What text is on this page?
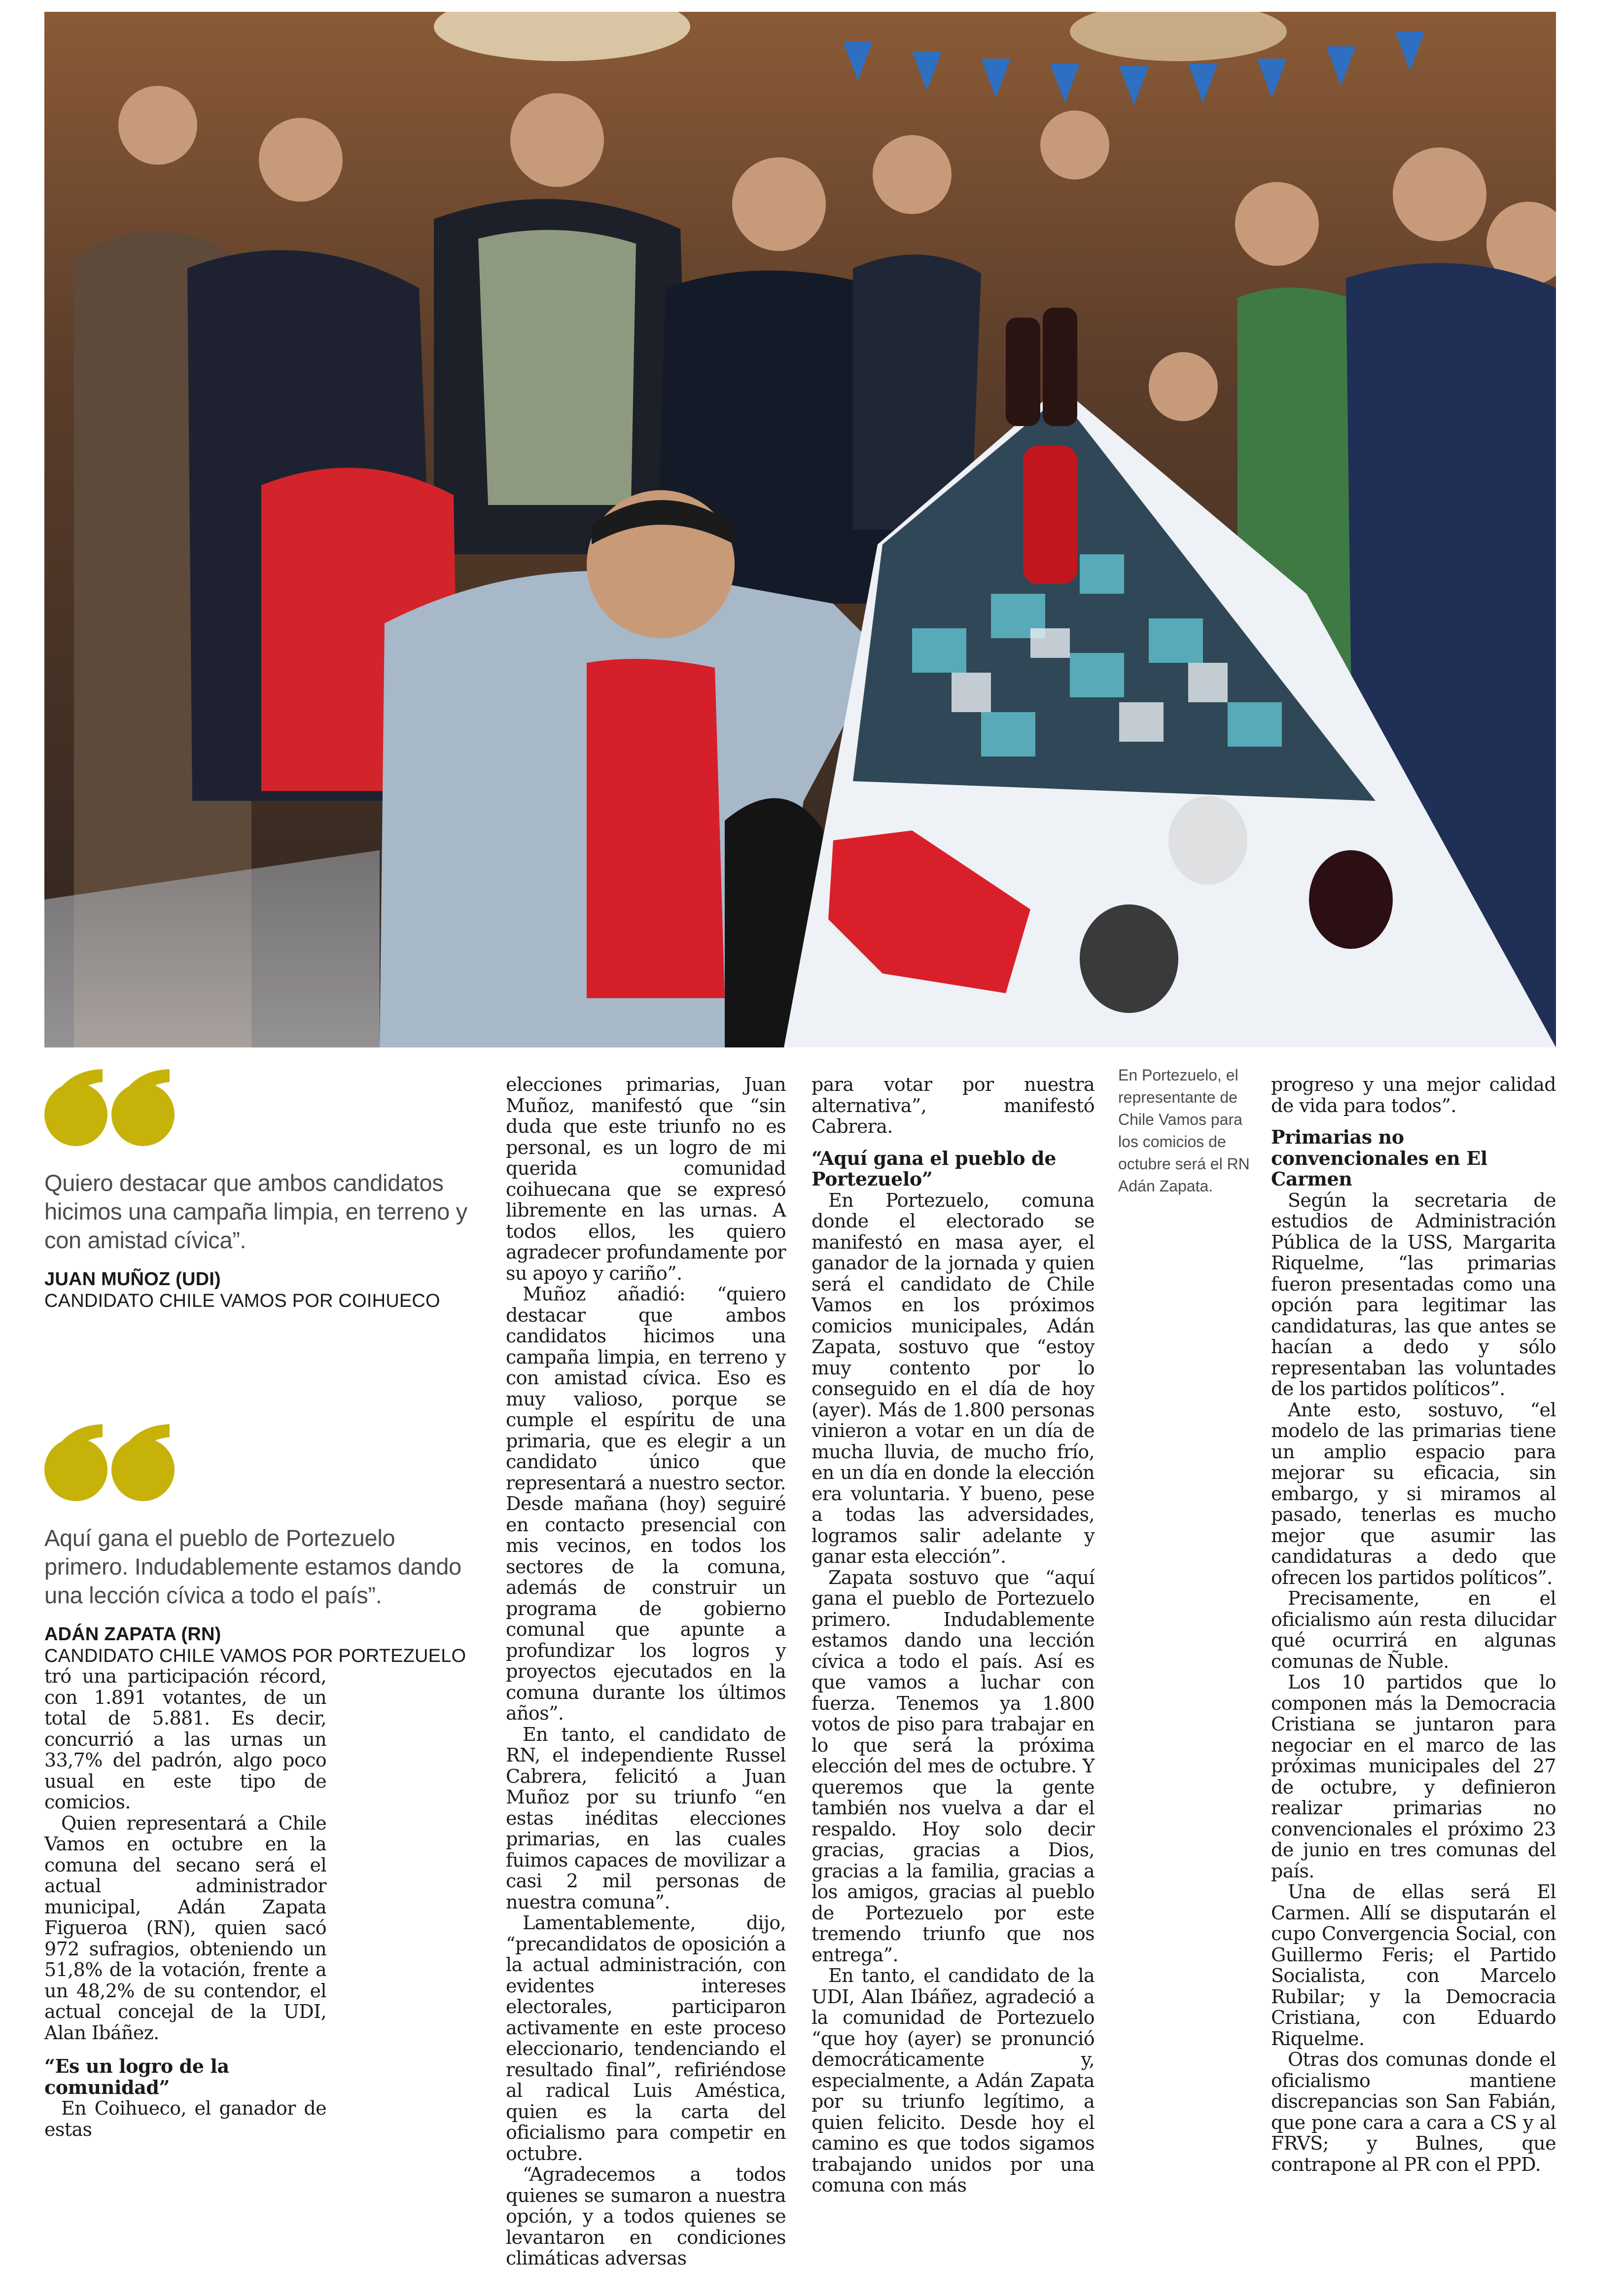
Quiero destacar que ambos candidatos hicimos una campaña limpia, en terreno y con amistad cívica”.
JUAN MUÑOZ (UDI)
CANDIDATO CHILE VAMOS POR COIHUECO
Aquí gana el pueblo de Portezuelo primero. Indudablemente estamos dando una lección cívica a todo el país”.
ADÁN ZAPATA (RN)
CANDIDATO CHILE VAMOS POR PORTEZUELO

tró una participación récord, con 1.891 votantes, de un total de 5.881. Es decir, concurrió a las urnas un 33,7% del padrón, algo poco usual en este tipo de comicios.

Quien representará a Chile Vamos en octubre en la comuna del secano será el actual administrador municipal, Adán Zapata Figueroa (RN), quien sacó 972 sufragios, obteniendo un 51,8% de la votación, frente a un 48,2% de su contendor, el actual concejal de la UDI, Alan Ibáñez.

“Es un logro de la comunidad”

En Coihueco, el ganador de estas

elecciones primarias, Juan Muñoz, manifestó que “sin duda que este triunfo no es personal, es un logro de mi querida comunidad coihuecana que se expresó libremente en las urnas. A todos ellos, les quiero agradecer profundamente por su apoyo y cariño”.

Muñoz añadió: “quiero destacar que ambos candidatos hicimos una campaña limpia, en terreno y con amistad cívica. Eso es muy valioso, porque se cumple el espíritu de una primaria, que es elegir a un candidato único que representará a nuestro sector. Desde mañana (hoy) seguiré en contacto presencial con mis vecinos, en todos los sectores de la comuna, además de construir un programa de gobierno comunal que apunte a profundizar los logros y proyectos ejecutados en la comuna durante los últimos años”.

En tanto, el candidato de RN, el independiente Russel Cabrera, felicitó a Juan Muñoz por su triunfo “en estas inéditas elecciones primarias, en las cuales fuimos capaces de movilizar a casi 2 mil personas de nuestra comuna”.

Lamentablemente, dijo, “precandidatos de oposición a la actual administración, con evidentes intereses electorales, participaron activamente en este proceso eleccionario, tendenciando el resultado final”, refiriéndose al radical Luis Améstica, quien es la carta del oficialismo para competir en octubre.

“Agradecemos a todos quienes se sumaron a nuestra opción, y a todos quienes se levantaron en condiciones climáticas adversas

para votar por nuestra alternativa”, manifestó Cabrera.

“Aquí gana el pueblo de Portezuelo”

En Portezuelo, comuna donde el electorado se manifestó en masa ayer, el ganador de la jornada y quien será el candidato de Chile Vamos en los próximos comicios municipales, Adán Zapata, sostuvo que “estoy muy contento por lo conseguido en el día de hoy (ayer). Más de 1.800 personas vinieron a votar en un día de mucha lluvia, de mucho frío, en un día en donde la elección era voluntaria. Y bueno, pese a todas las adversidades, logramos salir adelante y ganar esta elección”.

Zapata sostuvo que “aquí gana el pueblo de Portezuelo primero. Indudablemente estamos dando una lección cívica a todo el país. Así es que vamos a luchar con fuerza. Tenemos ya 1.800 votos de piso para trabajar en lo que será la próxima elección del mes de octubre. Y queremos que la gente también nos vuelva a dar el respaldo. Hoy solo decir gracias, gracias a Dios, gracias a la familia, gracias a los amigos, gracias al pueblo de Portezuelo por este tremendo triunfo que nos entrega”.

En tanto, el candidato de la UDI, Alan Ibáñez, agradeció a la comunidad de Portezuelo “que hoy (ayer) se pronunció democráticamente y, especialmente, a Adán Zapata por su triunfo legítimo, a quien felicito. Desde hoy el camino es que todos sigamos trabajando unidos por una comuna con más

En Portezuelo, el representante de Chile Vamos para los comicios de octubre será el RN Adán Zapata.

progreso y una mejor calidad de vida para todos”.

Primarias no convencionales en El Carmen

Según la secretaria de estudios de Administración Pública de la USS, Margarita Riquelme, “las primarias fueron presentadas como una opción para legitimar las candidaturas, las que antes se hacían a dedo y sólo representaban las voluntades de los partidos políticos”.

Ante esto, sostuvo, “el modelo de las primarias tiene un amplio espacio para mejorar su eficacia, sin embargo, y si miramos al pasado, tenerlas es mucho mejor que asumir las candidaturas a dedo que ofrecen los partidos políticos”.

Precisamente, en el oficialismo aún resta dilucidar qué ocurrirá en algunas comunas de Ñuble.

Los 10 partidos que lo componen más la Democracia Cristiana se juntaron para negociar en el marco de las próximas municipales del 27 de octubre, y definieron realizar primarias no convencionales el próximo 23 de junio en tres comunas del país.

Una de ellas será El Carmen. Allí se disputarán el cupo Convergencia Social, con Guillermo Feris; el Partido Socialista, con Marcelo Rubilar; y la Democracia Cristiana, con Eduardo Riquelme.

Otras dos comunas donde el oficialismo mantiene discrepancias son San Fabián, que pone cara a cara a CS y al FRVS; y Bulnes, que contrapone al PR con el PPD.
